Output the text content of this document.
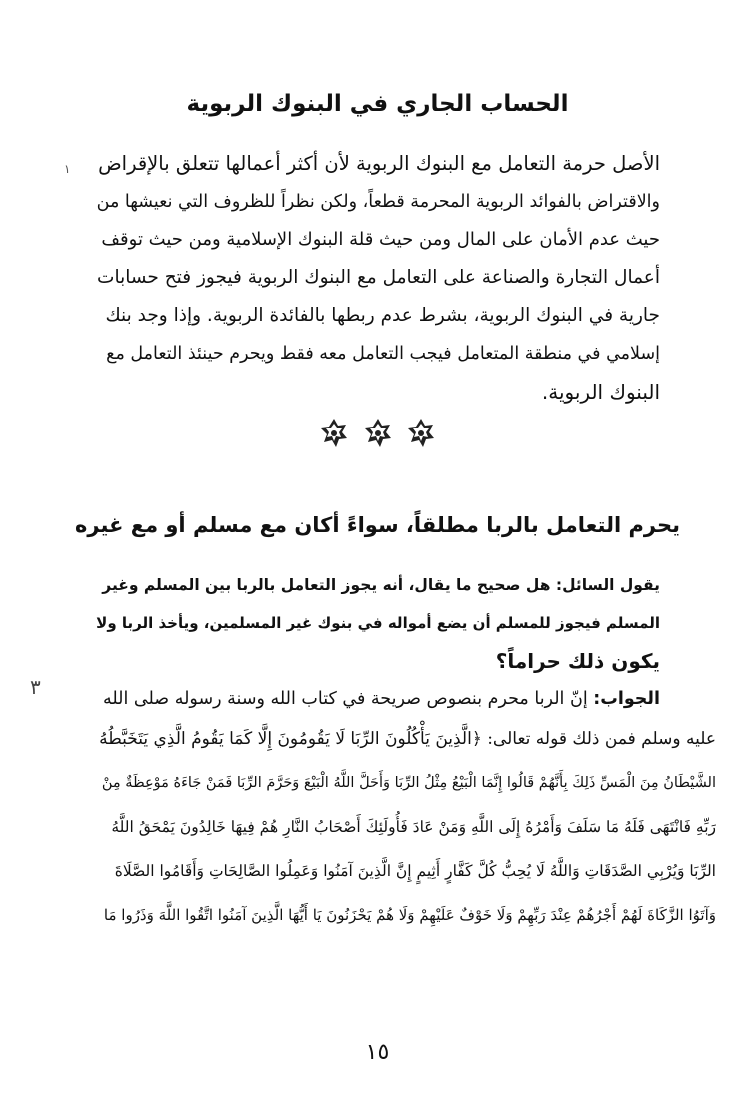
١
الحساب الجاري في البنوك الربوية
الأصل حرمة التعامل مع البنوك الربوية لأن أكثر أعمالها تتعلق بالإقراض
والاقتراض بالفوائد الربوية المحرمة قطعاً، ولكن نظراً للظروف التي نعيشها من
حيث عدم الأمان على المال ومن حيث قلة البنوك الإسلامية ومن حيث توقف
أعمال التجارة والصناعة على التعامل مع البنوك الربوية فيجوز فتح حسابات
جارية في البنوك الربوية، بشرط عدم ربطها بالفائدة الربوية. وإذا وجد بنك
إسلامي في منطقة المتعامل فيجب التعامل معه فقط ويحرم حينئذ التعامل مع
البنوك الربوية.

يحرم التعامل بالربا مطلقاً، سواءً أكان مع مسلم أو مع غيره
يقول السائل: هل صحيح ما يقال، أنه يجوز التعامل بالربا بين المسلم وغير
المسلم فيجوز للمسلم أن يضع أمواله في بنوك غير المسلمين، ويأخذ الربا ولا
يكون ذلك حراماً؟
٣	الجواب: إنّ الربا محرم بنصوص صريحة في كتاب الله وسنة رسوله صلى الله
عليه وسلم فمن ذلك قوله تعالى: ﴿الَّذِينَ يَأْكُلُونَ الرِّبَا لَا يَقُومُونَ إِلَّا كَمَا يَقُومُ الَّذِي يَتَخَبَّطُهُ
الشَّيْطَانُ مِنَ الْمَسِّ ذَلِكَ بِأَنَّهُمْ قَالُوا إِنَّمَا الْبَيْعُ مِثْلُ الرِّبَا وَأَحَلَّ اللَّهُ الْبَيْعَ وَحَرَّمَ الرِّبَا فَمَنْ جَاءَهُ مَوْعِظَةٌ مِنْ
رَبِّهِ فَانْتَهَى فَلَهُ مَا سَلَفَ وَأَمْرُهُ إِلَى اللَّهِ وَمَنْ عَادَ فَأُولَئِكَ أَصْحَابُ النَّارِ هُمْ فِيهَا خَالِدُونَ يَمْحَقُ اللَّهُ
الرِّبَا وَيُرْبِي الصَّدَقَاتِ وَاللَّهُ لَا يُحِبُّ كُلَّ كَفَّارٍ أَثِيمٍ إِنَّ الَّذِينَ آمَنُوا وَعَمِلُوا الصَّالِحَاتِ وَأَقَامُوا الصَّلَاةَ
وَآتَوُا الزَّكَاةَ لَهُمْ أَجْرُهُمْ عِنْدَ رَبِّهِمْ وَلَا خَوْفٌ عَلَيْهِمْ وَلَا هُمْ يَحْزَنُونَ يَا أَيُّهَا الَّذِينَ آمَنُوا اتَّقُوا اللَّهَ وَذَرُوا مَا
١٥
